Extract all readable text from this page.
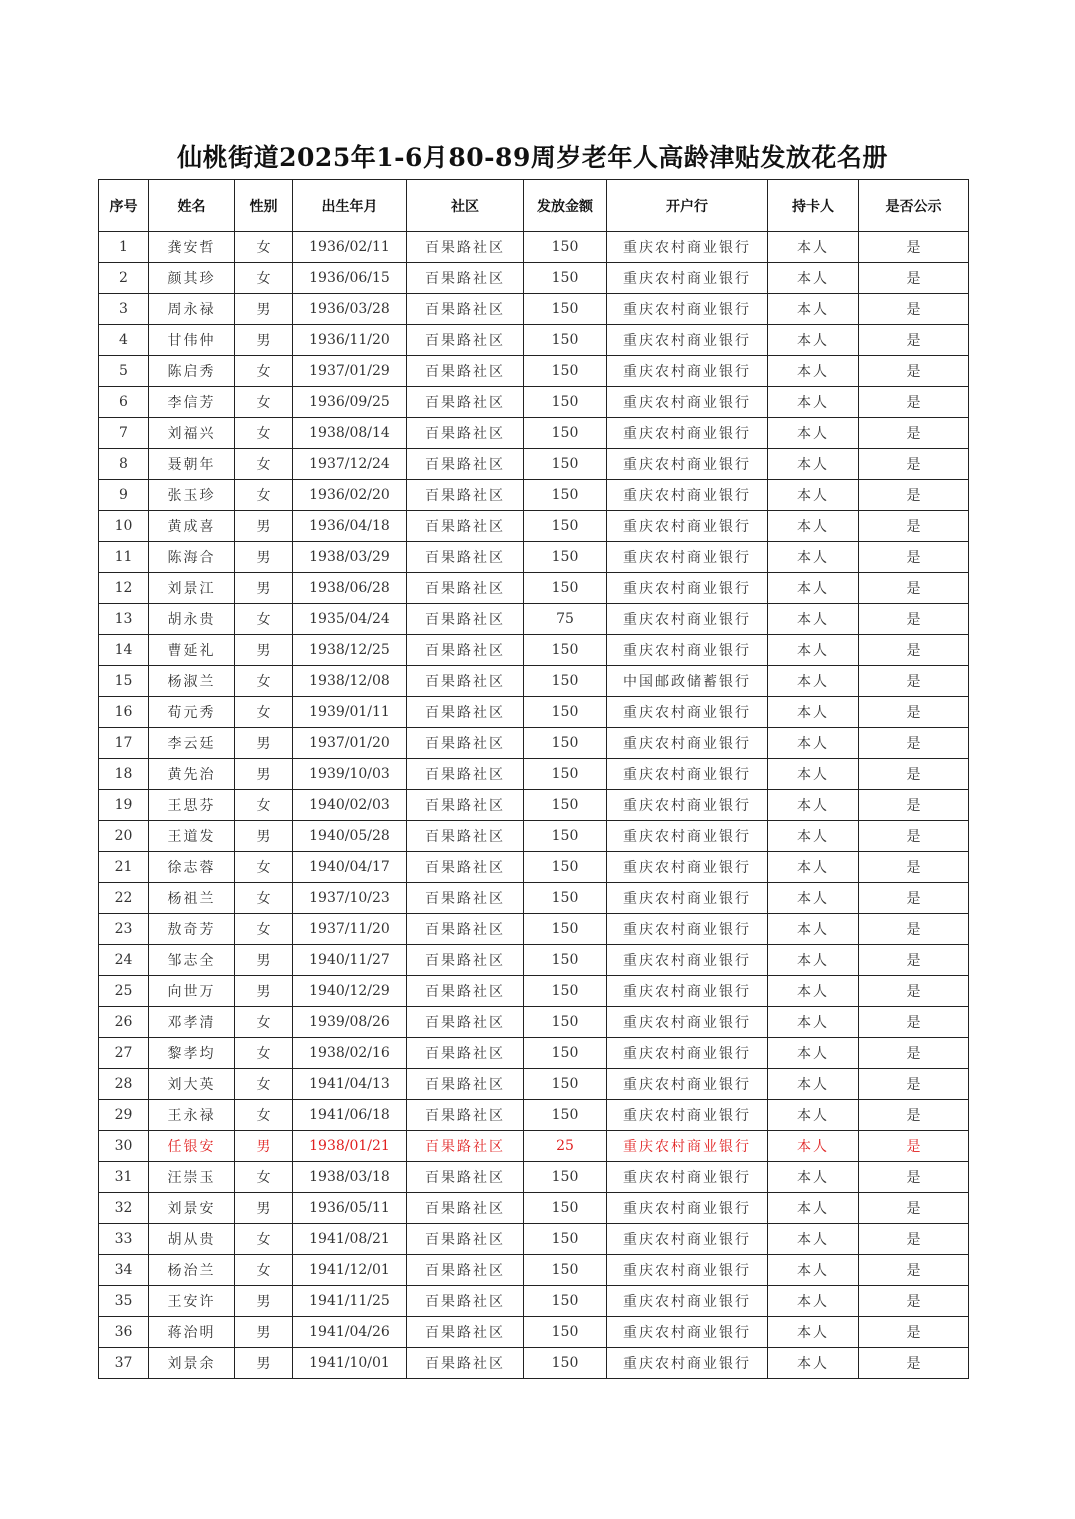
仙桃街道2025年1-6月80-89周岁老年人高龄津贴发放花名册
序号	姓名	性别	出生年月	社区	发放金额	开户行	持卡人	是否公示
1	龚安哲	女	1936/02/11	百果路社区	150	重庆农村商业银行	本人	是
2	颜其珍	女	1936/06/15	百果路社区	150	重庆农村商业银行	本人	是
3	周永禄	男	1936/03/28	百果路社区	150	重庆农村商业银行	本人	是
4	甘伟仲	男	1936/11/20	百果路社区	150	重庆农村商业银行	本人	是
5	陈启秀	女	1937/01/29	百果路社区	150	重庆农村商业银行	本人	是
6	李信芳	女	1936/09/25	百果路社区	150	重庆农村商业银行	本人	是
7	刘福兴	女	1938/08/14	百果路社区	150	重庆农村商业银行	本人	是
8	聂朝年	女	1937/12/24	百果路社区	150	重庆农村商业银行	本人	是
9	张玉珍	女	1936/02/20	百果路社区	150	重庆农村商业银行	本人	是
10	黄成喜	男	1936/04/18	百果路社区	150	重庆农村商业银行	本人	是
11	陈海合	男	1938/03/29	百果路社区	150	重庆农村商业银行	本人	是
12	刘景江	男	1938/06/28	百果路社区	150	重庆农村商业银行	本人	是
13	胡永贵	女	1935/04/24	百果路社区	75	重庆农村商业银行	本人	是
14	曹延礼	男	1938/12/25	百果路社区	150	重庆农村商业银行	本人	是
15	杨淑兰	女	1938/12/08	百果路社区	150	中国邮政储蓄银行	本人	是
16	荀元秀	女	1939/01/11	百果路社区	150	重庆农村商业银行	本人	是
17	李云廷	男	1937/01/20	百果路社区	150	重庆农村商业银行	本人	是
18	黄先治	男	1939/10/03	百果路社区	150	重庆农村商业银行	本人	是
19	王思芬	女	1940/02/03	百果路社区	150	重庆农村商业银行	本人	是
20	王道发	男	1940/05/28	百果路社区	150	重庆农村商业银行	本人	是
21	徐志蓉	女	1940/04/17	百果路社区	150	重庆农村商业银行	本人	是
22	杨祖兰	女	1937/10/23	百果路社区	150	重庆农村商业银行	本人	是
23	敖奇芳	女	1937/11/20	百果路社区	150	重庆农村商业银行	本人	是
24	邹志全	男	1940/11/27	百果路社区	150	重庆农村商业银行	本人	是
25	向世万	男	1940/12/29	百果路社区	150	重庆农村商业银行	本人	是
26	邓孝清	女	1939/08/26	百果路社区	150	重庆农村商业银行	本人	是
27	黎孝均	女	1938/02/16	百果路社区	150	重庆农村商业银行	本人	是
28	刘大英	女	1941/04/13	百果路社区	150	重庆农村商业银行	本人	是
29	王永禄	女	1941/06/18	百果路社区	150	重庆农村商业银行	本人	是
30	任银安	男	1938/01/21	百果路社区	25	重庆农村商业银行	本人	是
31	汪崇玉	女	1938/03/18	百果路社区	150	重庆农村商业银行	本人	是
32	刘景安	男	1936/05/11	百果路社区	150	重庆农村商业银行	本人	是
33	胡从贵	女	1941/08/21	百果路社区	150	重庆农村商业银行	本人	是
34	杨治兰	女	1941/12/01	百果路社区	150	重庆农村商业银行	本人	是
35	王安许	男	1941/11/25	百果路社区	150	重庆农村商业银行	本人	是
36	蒋治明	男	1941/04/26	百果路社区	150	重庆农村商业银行	本人	是
37	刘景余	男	1941/10/01	百果路社区	150	重庆农村商业银行	本人	是
